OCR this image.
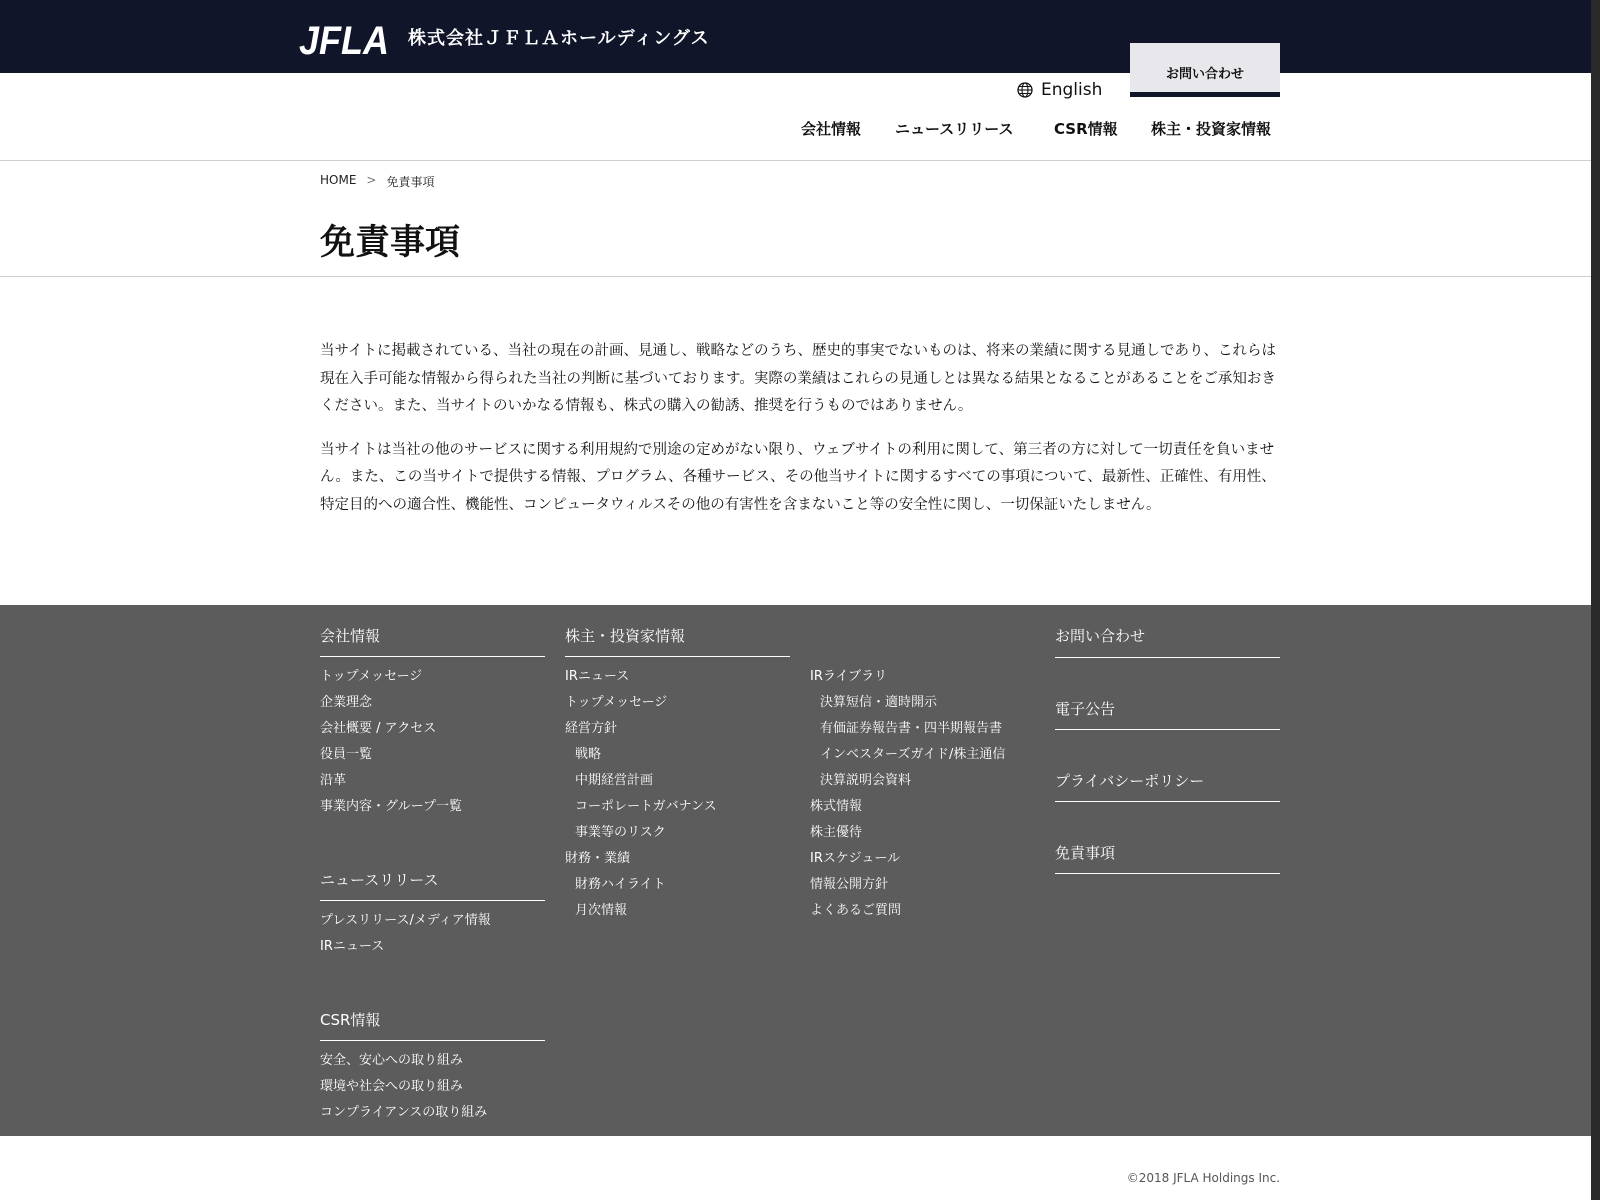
JFLA 株式会社ＪＦＬＡホールディングス
お問い合わせ
English
会社情報 ニュースリリース	CSR情報 株主・投資家情報
HOME > 免責事項
免責事項

当サイトに掲載されている、当社の現在の計画、見通し、戦略などのうち、歴史的事実でないものは、将来の業績に関する見通しであり、これらは現在入手可能な情報から得られた当社の判断に基づいております。実際の業績はこれらの見通しとは異なる結果となることがあることをご承知おきください。また、当サイトのいかなる情報も、株式の購入の勧誘、推奨を行うものではありません。

当サイトは当社の他のサービスに関する利用規約で別途の定めがない限り、ウェブサイトの利用に関して、第三者の方に対して一切責任を負いません。また、この当サイトで提供する情報、プログラム、各種サービス、その他当サイトに関するすべての事項について、最新性、正確性、有用性、特定目的への適合性、機能性、コンピュータウィルスその他の有害性を含まないこと等の安全性に関し、一切保証いたしません。

会社情報
トップメッセージ
企業理念
会社概要 / アクセス
役員一覧
沿革
事業内容・グループ一覧
ニュースリリース
プレスリリース/メディア情報
IRニュース
CSR情報
安全、安心への取り組み
環境や社会への取り組み
コンプライアンスの取り組み
株主・投資家情報
IRニュース
トップメッセージ
経営方針
戦略
中期経営計画
コーポレートガバナンス
事業等のリスク
財務・業績
財務ハイライト
月次情報
IRライブラリ
決算短信・適時開示
有価証券報告書・四半期報告書
インベスターズガイド/株主通信
決算説明会資料
株式情報
株主優待
IRスケジュール
情報公開方針
よくあるご質問
お問い合わせ
電子公告
プライバシーポリシー
免責事項
©2018 JFLA Holdings Inc.
